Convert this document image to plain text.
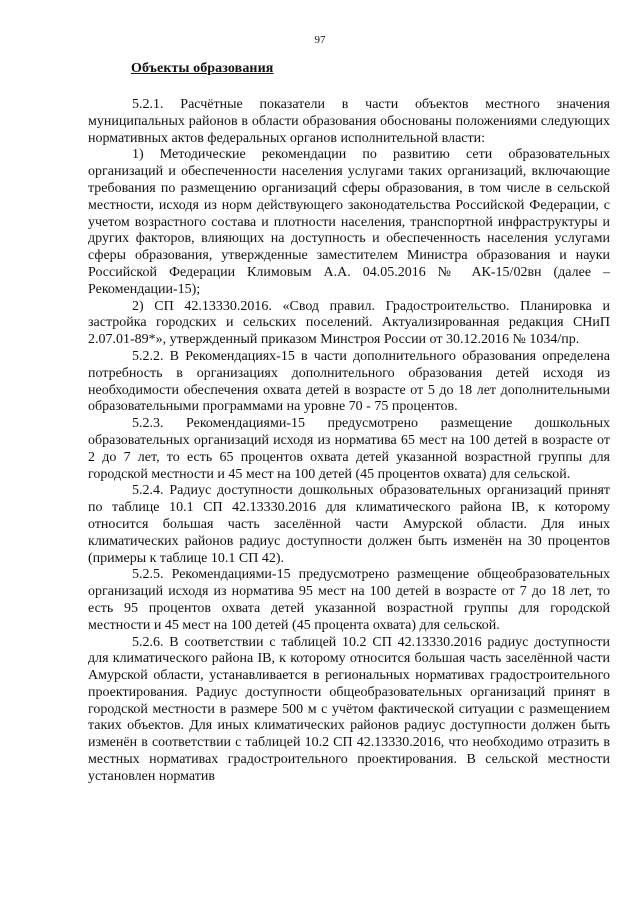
97
Объекты образования

5.2.1. Расчётные показатели в части объектов местного значения муниципальных районов в области образования обоснованы положениями следующих нормативных актов федеральных органов исполнительной власти:

1) Методические рекомендации по развитию сети образовательных организаций и обеспеченности населения услугами таких организаций, включающие требования по размещению организаций сферы образования, в том числе в сельской местности, исходя из норм действующего законодательства Российской Федерации, с учетом возрастного состава и плотности населения, транспортной инфраструктуры и других факторов, влияющих на доступность и обеспеченность населения услугами сферы образования, утвержденные заместителем Министра образования и науки Российской Федерации Климовым А.А. 04.05.2016 № АК-15/02вн (далее – Рекомендации-15);

2) СП 42.13330.2016. «Свод правил. Градостроительство. Планировка и застройка городских и сельских поселений. Актуализированная редакция СНиП 2.07.01-89*», утвержденный приказом Минстроя России от 30.12.2016 № 1034/пр.

5.2.2. В Рекомендациях-15 в части дополнительного образования определена потребность в организациях дополнительного образования детей исходя из необходимости обеспечения охвата детей в возрасте от 5 до 18 лет дополнительными образовательными программами на уровне 70 - 75 процентов.

5.2.3. Рекомендациями-15 предусмотрено размещение дошкольных образовательных организаций исходя из норматива 65 мест на 100 детей в возрасте от 2 до 7 лет, то есть 65 процентов охвата детей указанной возрастной группы для городской местности и 45 мест на 100 детей (45 процентов охвата) для сельской.

5.2.4. Радиус доступности дошкольных образовательных организаций принят по таблице 10.1 СП 42.13330.2016 для климатического района IВ, к которому относится большая часть заселённой части Амурской области. Для иных климатических районов радиус доступности должен быть изменён на 30 процентов (примеры к таблице 10.1 СП 42).

5.2.5. Рекомендациями-15 предусмотрено размещение общеобразовательных организаций исходя из норматива 95 мест на 100 детей в возрасте от 7 до 18 лет, то есть 95 процентов охвата детей указанной возрастной группы для городской местности и 45 мест на 100 детей (45 процента охвата) для сельской.

5.2.6. В соответствии с таблицей 10.2 СП 42.13330.2016 радиус доступности для климатического района IВ, к которому относится большая часть заселённой части Амурской области, устанавливается в региональных нормативах градостроительного проектирования. Радиус доступности общеобразовательных организаций принят в городской местности в размере 500 м с учётом фактической ситуации с размещением таких объектов. Для иных климатических районов радиус доступности должен быть изменён в соответствии с таблицей 10.2 СП 42.13330.2016, что необходимо отразить в местных нормативах градостроительного проектирования. В сельской местности установлен норматив
